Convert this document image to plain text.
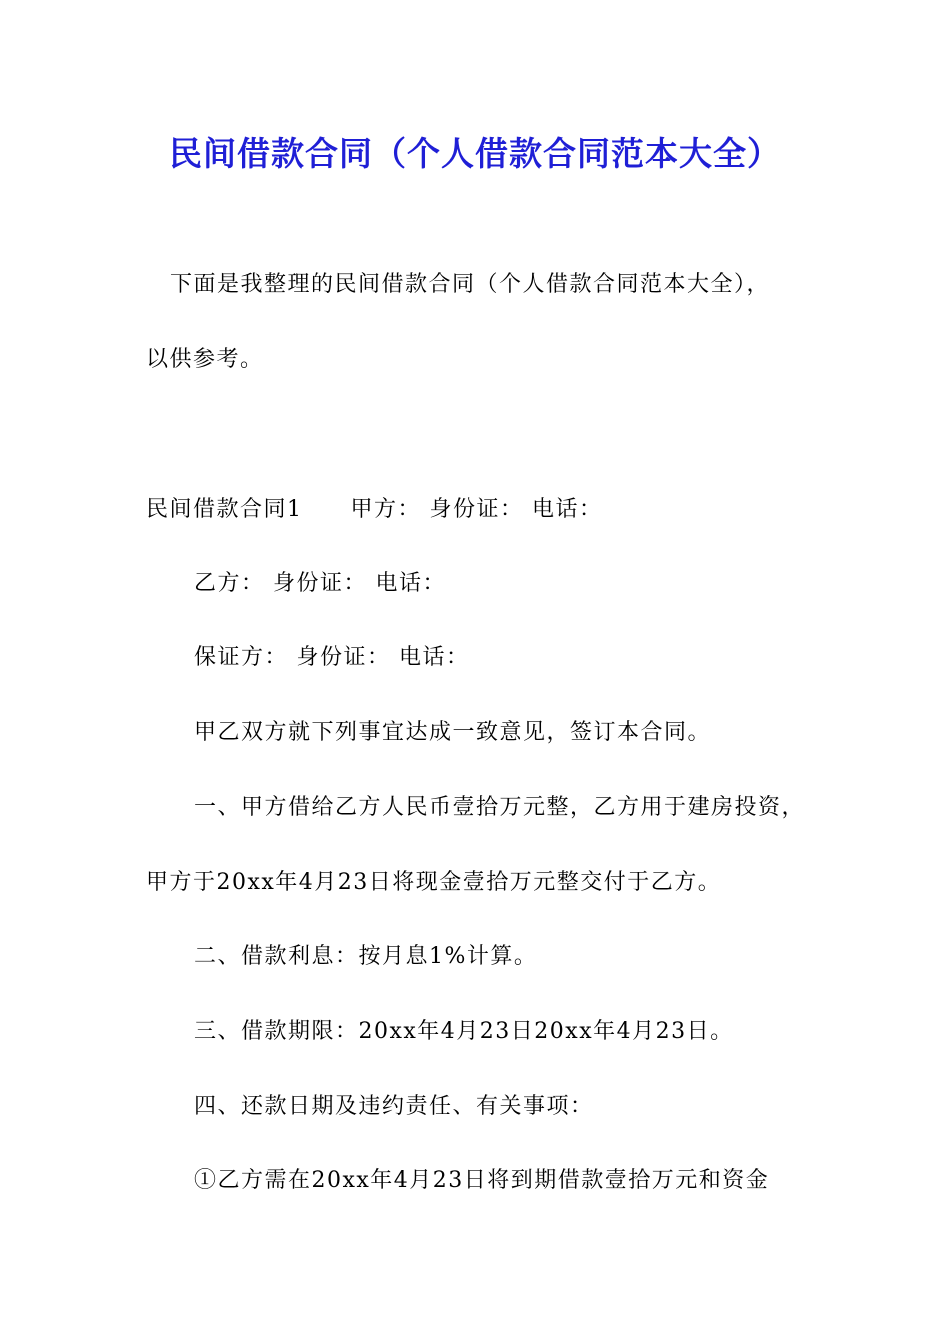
民间借款合同（个人借款合同范本大全）
下面是我整理的民间借款合同（个人借款合同范本大全），
以供参考。
民间借款合同1 甲方： 身份证： 电话：
乙方： 身份证： 电话：
保证方： 身份证： 电话：
甲乙双方就下列事宜达成一致意见，签订本合同。
一、甲方借给乙方人民币壹拾万元整，乙方用于建房投资，
甲方于20xx年4月23日将现金壹拾万元整交付于乙方。
二、借款利息：按月息1%计算。
三、借款期限：20xx年4月23日20xx年4月23日。
四、还款日期及违约责任、有关事项：
①乙方需在20xx年4月23日将到期借款壹拾万元和资金
